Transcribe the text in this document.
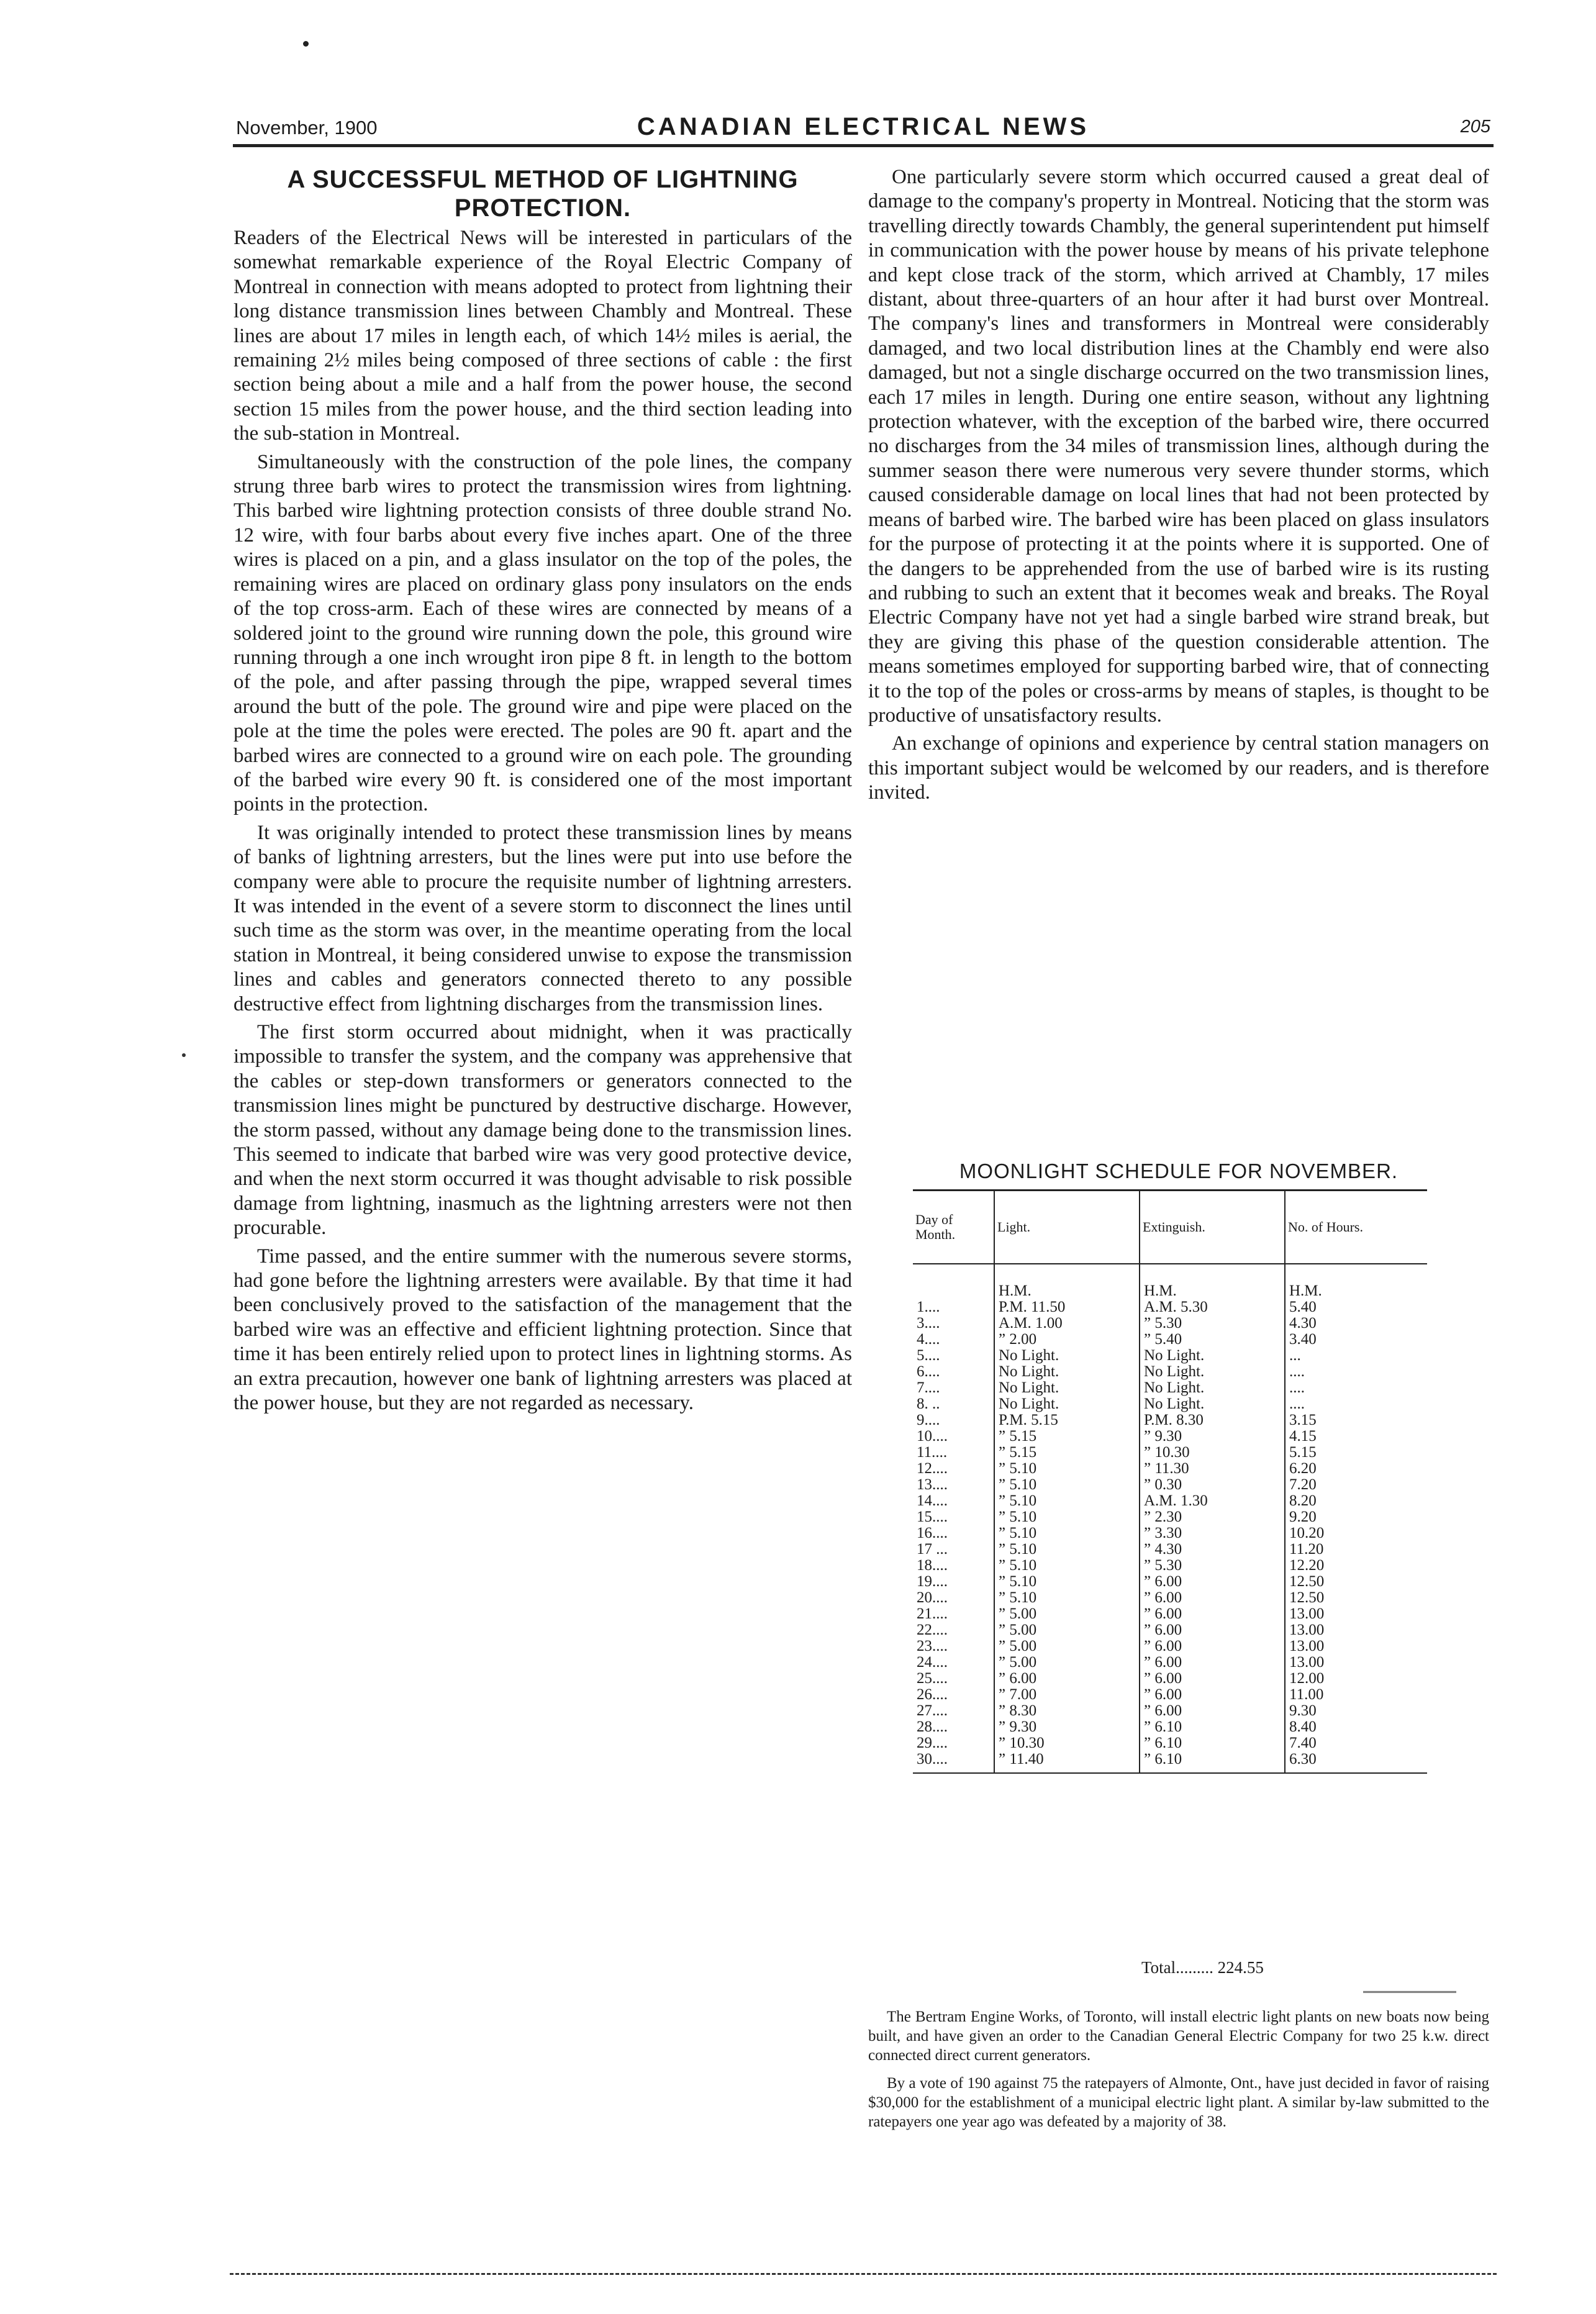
November, 1900	CANADIAN ELECTRICAL NEWS	205
A SUCCESSFUL METHOD OF LIGHTNING PROTECTION.

Readers of the Electrical News will be interested in particulars of the somewhat remarkable experience of the Royal Electric Company of Montreal in connection with means adopted to protect from lightning their long distance transmission lines between Chambly and Montreal. These lines are about 17 miles in length each, of which 14½ miles is aerial, the remaining 2½ miles being composed of three sections of cable : the first section being about a mile and a half from the power house, the second section 15 miles from the power house, and the third section leading into the sub-station in Montreal.

Simultaneously with the construction of the pole lines, the company strung three barb wires to protect the transmission wires from lightning. This barbed wire lightning protection consists of three double strand No. 12 wire, with four barbs about every five inches apart. One of the three wires is placed on a pin, and a glass insulator on the top of the poles, the remaining wires are placed on ordinary glass pony insulators on the ends of the top cross-arm. Each of these wires are connected by means of a soldered joint to the ground wire running down the pole, this ground wire running through a one inch wrought iron pipe 8 ft. in length to the bottom of the pole, and after passing through the pipe, wrapped several times around the butt of the pole. The ground wire and pipe were placed on the pole at the time the poles were erected. The poles are 90 ft. apart and the barbed wires are connected to a ground wire on each pole. The grounding of the barbed wire every 90 ft. is considered one of the most important points in the protection.

It was originally intended to protect these transmission lines by means of banks of lightning arresters, but the lines were put into use before the company were able to procure the requisite number of lightning arresters. It was intended in the event of a severe storm to disconnect the lines until such time as the storm was over, in the meantime operating from the local station in Montreal, it being considered unwise to expose the transmission lines and cables and generators connected thereto to any possible destructive effect from lightning discharges from the transmission lines.

The first storm occurred about midnight, when it was practically impossible to transfer the system, and the company was apprehensive that the cables or step-down transformers or generators connected to the transmission lines might be punctured by destructive discharge. However, the storm passed, without any damage being done to the transmission lines. This seemed to indicate that barbed wire was very good protective device, and when the next storm occurred it was thought advisable to risk possible damage from lightning, inasmuch as the lightning arresters were not then procurable.

Time passed, and the entire summer with the numerous severe storms, had gone before the lightning arresters were available. By that time it had been conclusively proved to the satisfaction of the management that the barbed wire was an effective and efficient lightning protection. Since that time it has been entirely relied upon to protect lines in lightning storms. As an extra precaution, however one bank of lightning arresters was placed at the power house, but they are not regarded as necessary.

One particularly severe storm which occurred caused a great deal of damage to the company's property in Montreal. Noticing that the storm was travelling directly towards Chambly, the general superintendent put himself in communication with the power house by means of his private telephone and kept close track of the storm, which arrived at Chambly, 17 miles distant, about three-quarters of an hour after it had burst over Montreal. The company's lines and transformers in Montreal were considerably damaged, and two local distribution lines at the Chambly end were also damaged, but not a single discharge occurred on the two transmission lines, each 17 miles in length. During one entire season, without any lightning protection whatever, with the exception of the barbed wire, there occurred no discharges from the 34 miles of transmission lines, although during the summer season there were numerous very severe thunder storms, which caused considerable damage on local lines that had not been protected by means of barbed wire. The barbed wire has been placed on glass insulators for the purpose of protecting it at the points where it is supported. One of the dangers to be apprehended from the use of barbed wire is its rusting and rubbing to such an extent that it becomes weak and breaks. The Royal Electric Company have not yet had a single barbed wire strand break, but they are giving this phase of the question considerable attention. The means sometimes employed for supporting barbed wire, that of connecting it to the top of the poles or cross-arms by means of staples, is thought to be productive of unsatisfactory results.

An exchange of opinions and experience by central station managers on this important subject would be welcomed by our readers, and is therefore invited.

MOONLIGHT SCHEDULE FOR NOVEMBER.
Day of Month.	Light.	Extinguish.	No. of Hours.
	H.M.	H.M.	H.M.
1....	P.M. 11.50	A.M. 5.30	5.40
3....	A.M. 1.00	” 5.30	4.30
4....	” 2.00	” 5.40	3.40
5....	No Light.	No Light.	...
6....	No Light.	No Light.	....
7....	No Light.	No Light.	....
8. ..	No Light.	No Light.	....
9....	P.M. 5.15	P.M. 8.30	3.15
10....	” 5.15	” 9.30	4.15
11....	” 5.15	” 10.30	5.15
12....	” 5.10	” 11.30	6.20
13....	” 5.10	” 0.30	7.20
14....	” 5.10	A.M. 1.30	8.20
15....	” 5.10	” 2.30	9.20
16....	” 5.10	” 3.30	10.20
17 ...	” 5.10	” 4.30	11.20
18....	” 5.10	” 5.30	12.20
19....	” 5.10	” 6.00	12.50
20....	” 5.10	” 6.00	12.50
21....	” 5.00	” 6.00	13.00
22....	” 5.00	” 6.00	13.00
23....	” 5.00	” 6.00	13.00
24....	” 5.00	” 6.00	13.00
25....	” 6.00	” 6.00	12.00
26....	” 7.00	” 6.00	11.00
27....	” 8.30	” 6.00	9.30
28....	” 9.30	” 6.10	8.40
29....	” 10.30	” 6.10	7.40
30....	” 11.40	” 6.10	6.30
Total......... 224.55

The Bertram Engine Works, of Toronto, will install electric light plants on new boats now being built, and have given an order to the Canadian General Electric Company for two 25 k.w. direct connected direct current generators.

By a vote of 190 against 75 the ratepayers of Almonte, Ont., have just decided in favor of raising $30,000 for the establishment of a municipal electric light plant. A similar by-law submitted to the ratepayers one year ago was defeated by a majority of 38.
